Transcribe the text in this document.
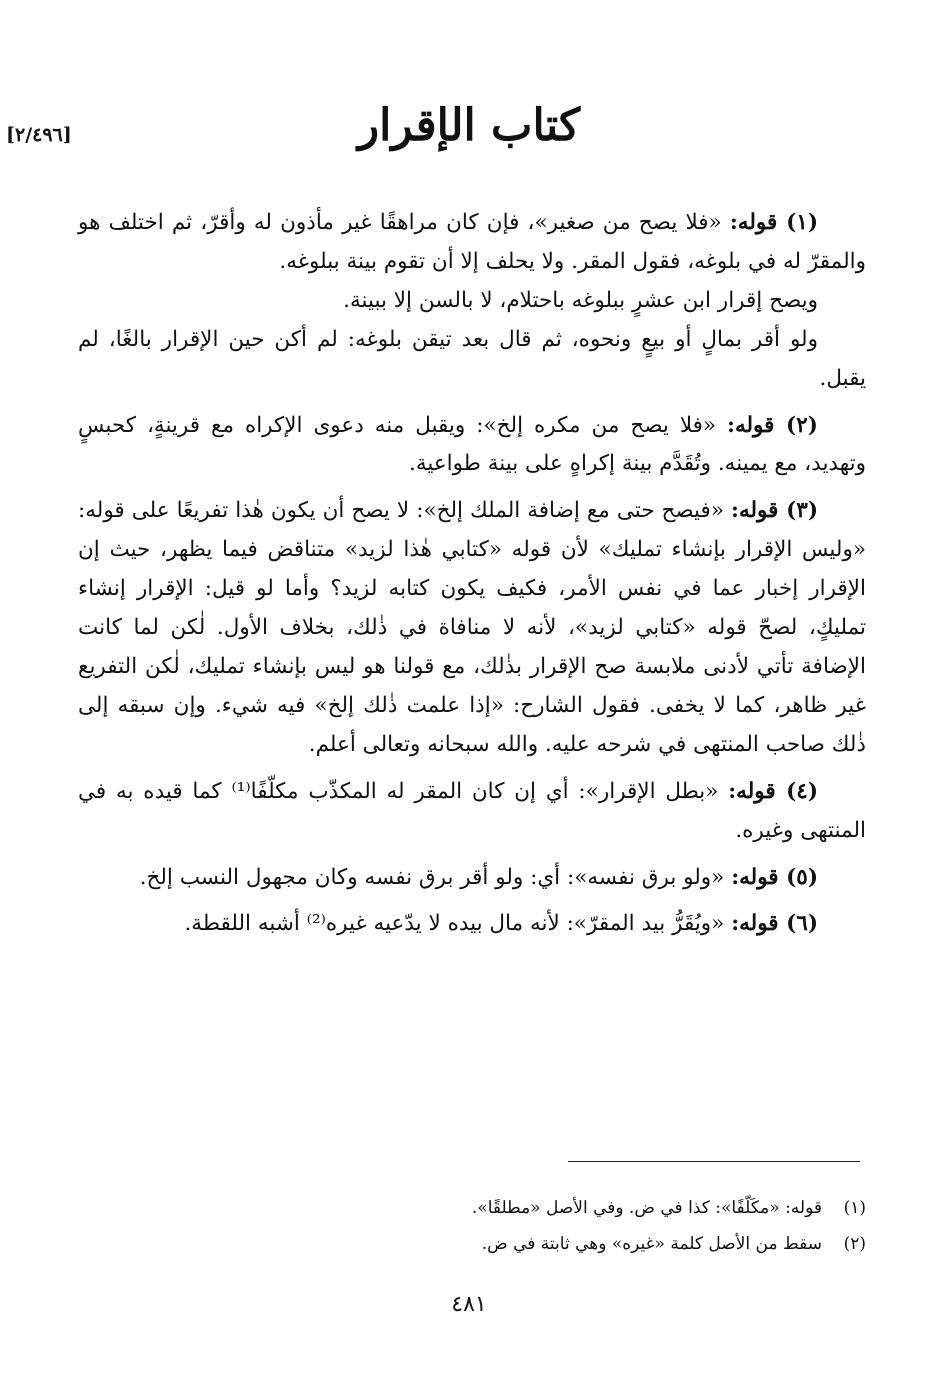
[٢/٤٩٦]	كتاب الإقرار

(١) قوله: «فلا يصح من صغير»، فإن كان مراهقًا غير مأذون له وأقرّ، ثم اختلف هو والمقرّ له في بلوغه، فقول المقر. ولا يحلف إلا أن تقوم بينة ببلوغه.

ويصح إقرار ابن عشرٍ ببلوغه باحتلام، لا بالسن إلا ببينة.

ولو أقر بمالٍ أو بيعٍ ونحوه، ثم قال بعد تيقن بلوغه: لم أكن حين الإقرار بالغًا، لم يقبل.

(٢) قوله: «فلا يصح من مكره إلخ»: ويقبل منه دعوى الإكراه مع قرينةٍ، كحبسٍ وتهديد، مع يمينه. وتُقَدَّم بينة إكراهٍ على بينة طواعية.

(٣) قوله: «فيصح حتى مع إضافة الملك إلخ»: لا يصح أن يكون هٰذا تفريعًا على قوله: «وليس الإقرار بإنشاء تمليك» لأن قوله «كتابي هٰذا لزيد» متناقض فيما يظهر، حيث إن الإقرار إخبار عما في نفس الأمر، فكيف يكون كتابه لزيد؟ وأما لو قيل: الإقرار إنشاء تمليكٍ، لصحّ قوله «كتابي لزيد»، لأنه لا منافاة في ذٰلك، بخلاف الأول. لٰكن لما كانت الإضافة تأتي لأدنى ملابسة صح الإقرار بذٰلك، مع قولنا هو ليس بإنشاء تمليك، لٰكن التفريع غير ظاهر، كما لا يخفى. فقول الشارح: «إذا علمت ذٰلك إلخ» فيه شيء. وإن سبقه إلى ذٰلك صاحب المنتهى في شرحه عليه. والله سبحانه وتعالى أعلم.

(٤) قوله: «بطل الإقرار»: أي إن كان المقر له المكذّب مكلّفًا⁽¹⁾ كما قيده به في المنتهى وغيره.

(٥) قوله: «ولو برق نفسه»: أي: ولو أقر برق نفسه وكان مجهول النسب إلخ.

(٦) قوله: «ويُقَرُّ بيد المقرّ»: لأنه مال بيده لا يدّعيه غيره⁽²⁾ أشبه اللقطة.

(١)قوله: «مكَلّفًا»: كذا في ض. وفي الأصل «مطلقًا».
(٢)سقط من الأصل كلمة «غيره» وهي ثابتة في ض.
٤٨١
